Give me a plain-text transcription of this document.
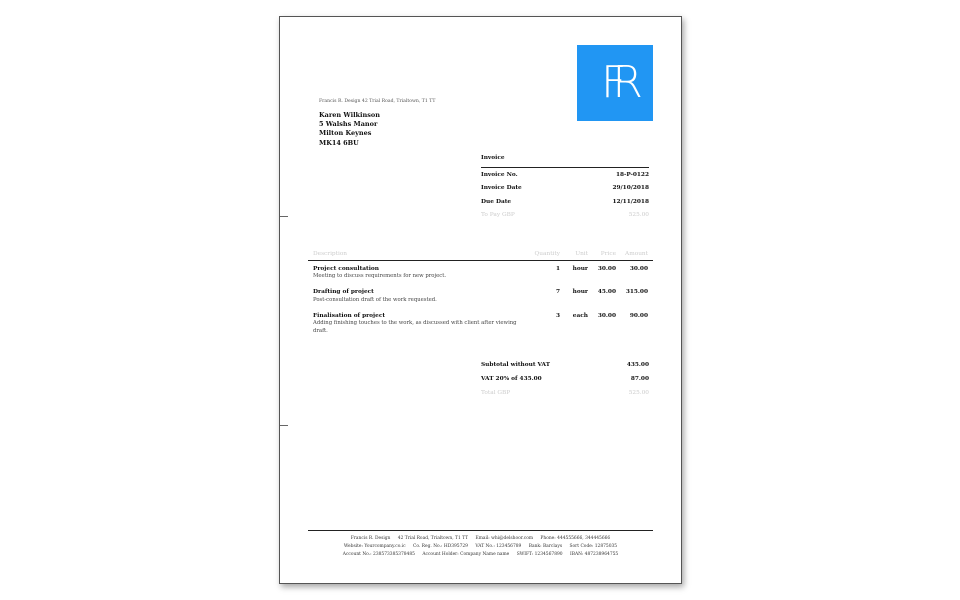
FR
Francis R. Design 42 Trial Road, Trialtown, T1 TT
Karen Wilkinson
5 Walshs Manor
Milton Keynes
MK14 6BU
Invoice
Invoice No.	18-P-0122
Invoice Date	29/10/2018
Due Date	12/11/2018
To Pay GBP	525.00
Description	Quantity	Unit	Price	Amount
Project consultation	1	hour	30.00	30.00
Meeting to discuss requirements for new project.
Drafting of project	7	hour	45.00	315.00
Post-consultation draft of the work requested.
Finalisation of project	3	each	30.00	90.00
Adding finishing touches to the work, as discussed with client after viewing draft.
Subtotal without VAT	435.00
VAT 20% of 435.00	87.00
Total GBP	525.00
Francis R. Design 42 Trial Road, Trialtown, T1 TT Email: whi@delshoor.com Phone: 444555666, 344445666
Website: Yourcompany.co.ic Co. Reg. No.: HD395729 VAT No.: 123456789 Bank: Barclays Sort Code: 12875035
Account No.: 238573385378485 Account Holder: Company Name name SWIFT: 1234567890 IBAN: 487238964755
